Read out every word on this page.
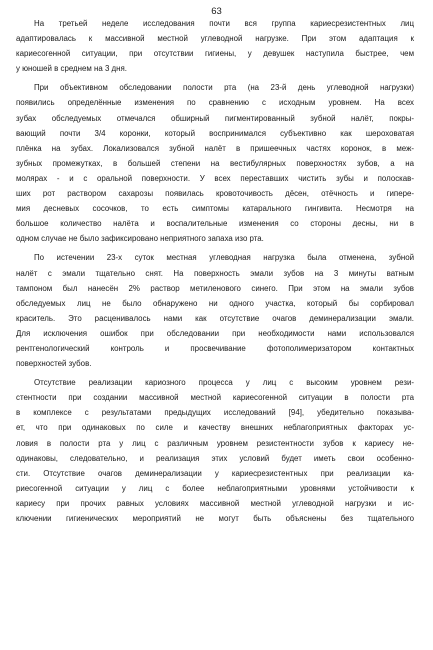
63
На третьей неделе исследования почти вся группа кариесрезистентных лиц
адаптировалась к массивной местной углеводной нагрузке. При этом адаптация к
кариесогенной ситуации, при отсутствии гигиены, у девушек наступила быстрее, чем
у юношей в среднем на 3 дня.
При объективном обследовании полости рта (на 23-й день углеводной нагрузки)
появились определённые изменения по сравнению с исходным уровнем. На всех
зубах обследуемых отмечался обширный пигментированный зубной налёт, покры-
вающий почти 3/4 коронки, который воспринимался субъективно как шероховатая
плёнка на зубах. Локализовался зубной налёт в пришеечных частях коронок, в меж-
зубных промежутках, в большей степени на вестибулярных поверхностях зубов, а на
молярах - и с оральной поверхности. У всех переставших чистить зубы и полоскав-
ших рот раствором сахарозы появилась кровоточивость дёсен, отёчность и гипере-
мия десневых сосочков, то есть симптомы катарального гингивита. Несмотря на
большое количество налёта и воспалительные изменения со стороны десны, ни в
одном случае не было зафиксировано неприятного запаха изо рта.
По истечении 23-х суток местная углеводная нагрузка была отменена, зубной
налёт с эмали тщательно снят. На поверхность эмали зубов на 3 минуты ватным
тампоном был нанесён 2% раствор метиленового синего. При этом на эмали зубов
обследуемых лиц не было обнаружено ни одного участка, который бы сорбировал
краситель. Это расценивалось нами как отсутствие очагов деминерализации эмали.
Для исключения ошибок при обследовании при необходимости нами использовался
рентгенологический контроль и просвечивание фотополимеризатором контактных
поверхностей зубов.
Отсутствие реализации кариозного процесса у лиц с высоким уровнем рези-
стентности при создании массивной местной кариесогенной ситуации в полости рта
в комплексе с результатами предыдущих исследований [94], убедительно показыва-
ет, что при одинаковых по силе и качеству внешних неблагоприятных факторах ус-
ловия в полости рта у лиц с различным уровнем резистентности зубов к кариесу не-
одинаковы, следовательно, и реализация этих условий будет иметь свои особенно-
сти. Отсутствие очагов деминерализации у кариесрезистентных при реализации ка-
риесогенной ситуации у лиц с более неблагоприятными уровнями устойчивости к
кариесу при прочих равных условиях массивной местной углеводной нагрузки и ис-
ключении гигиенических мероприятий не могут быть объяснены без тщательного
